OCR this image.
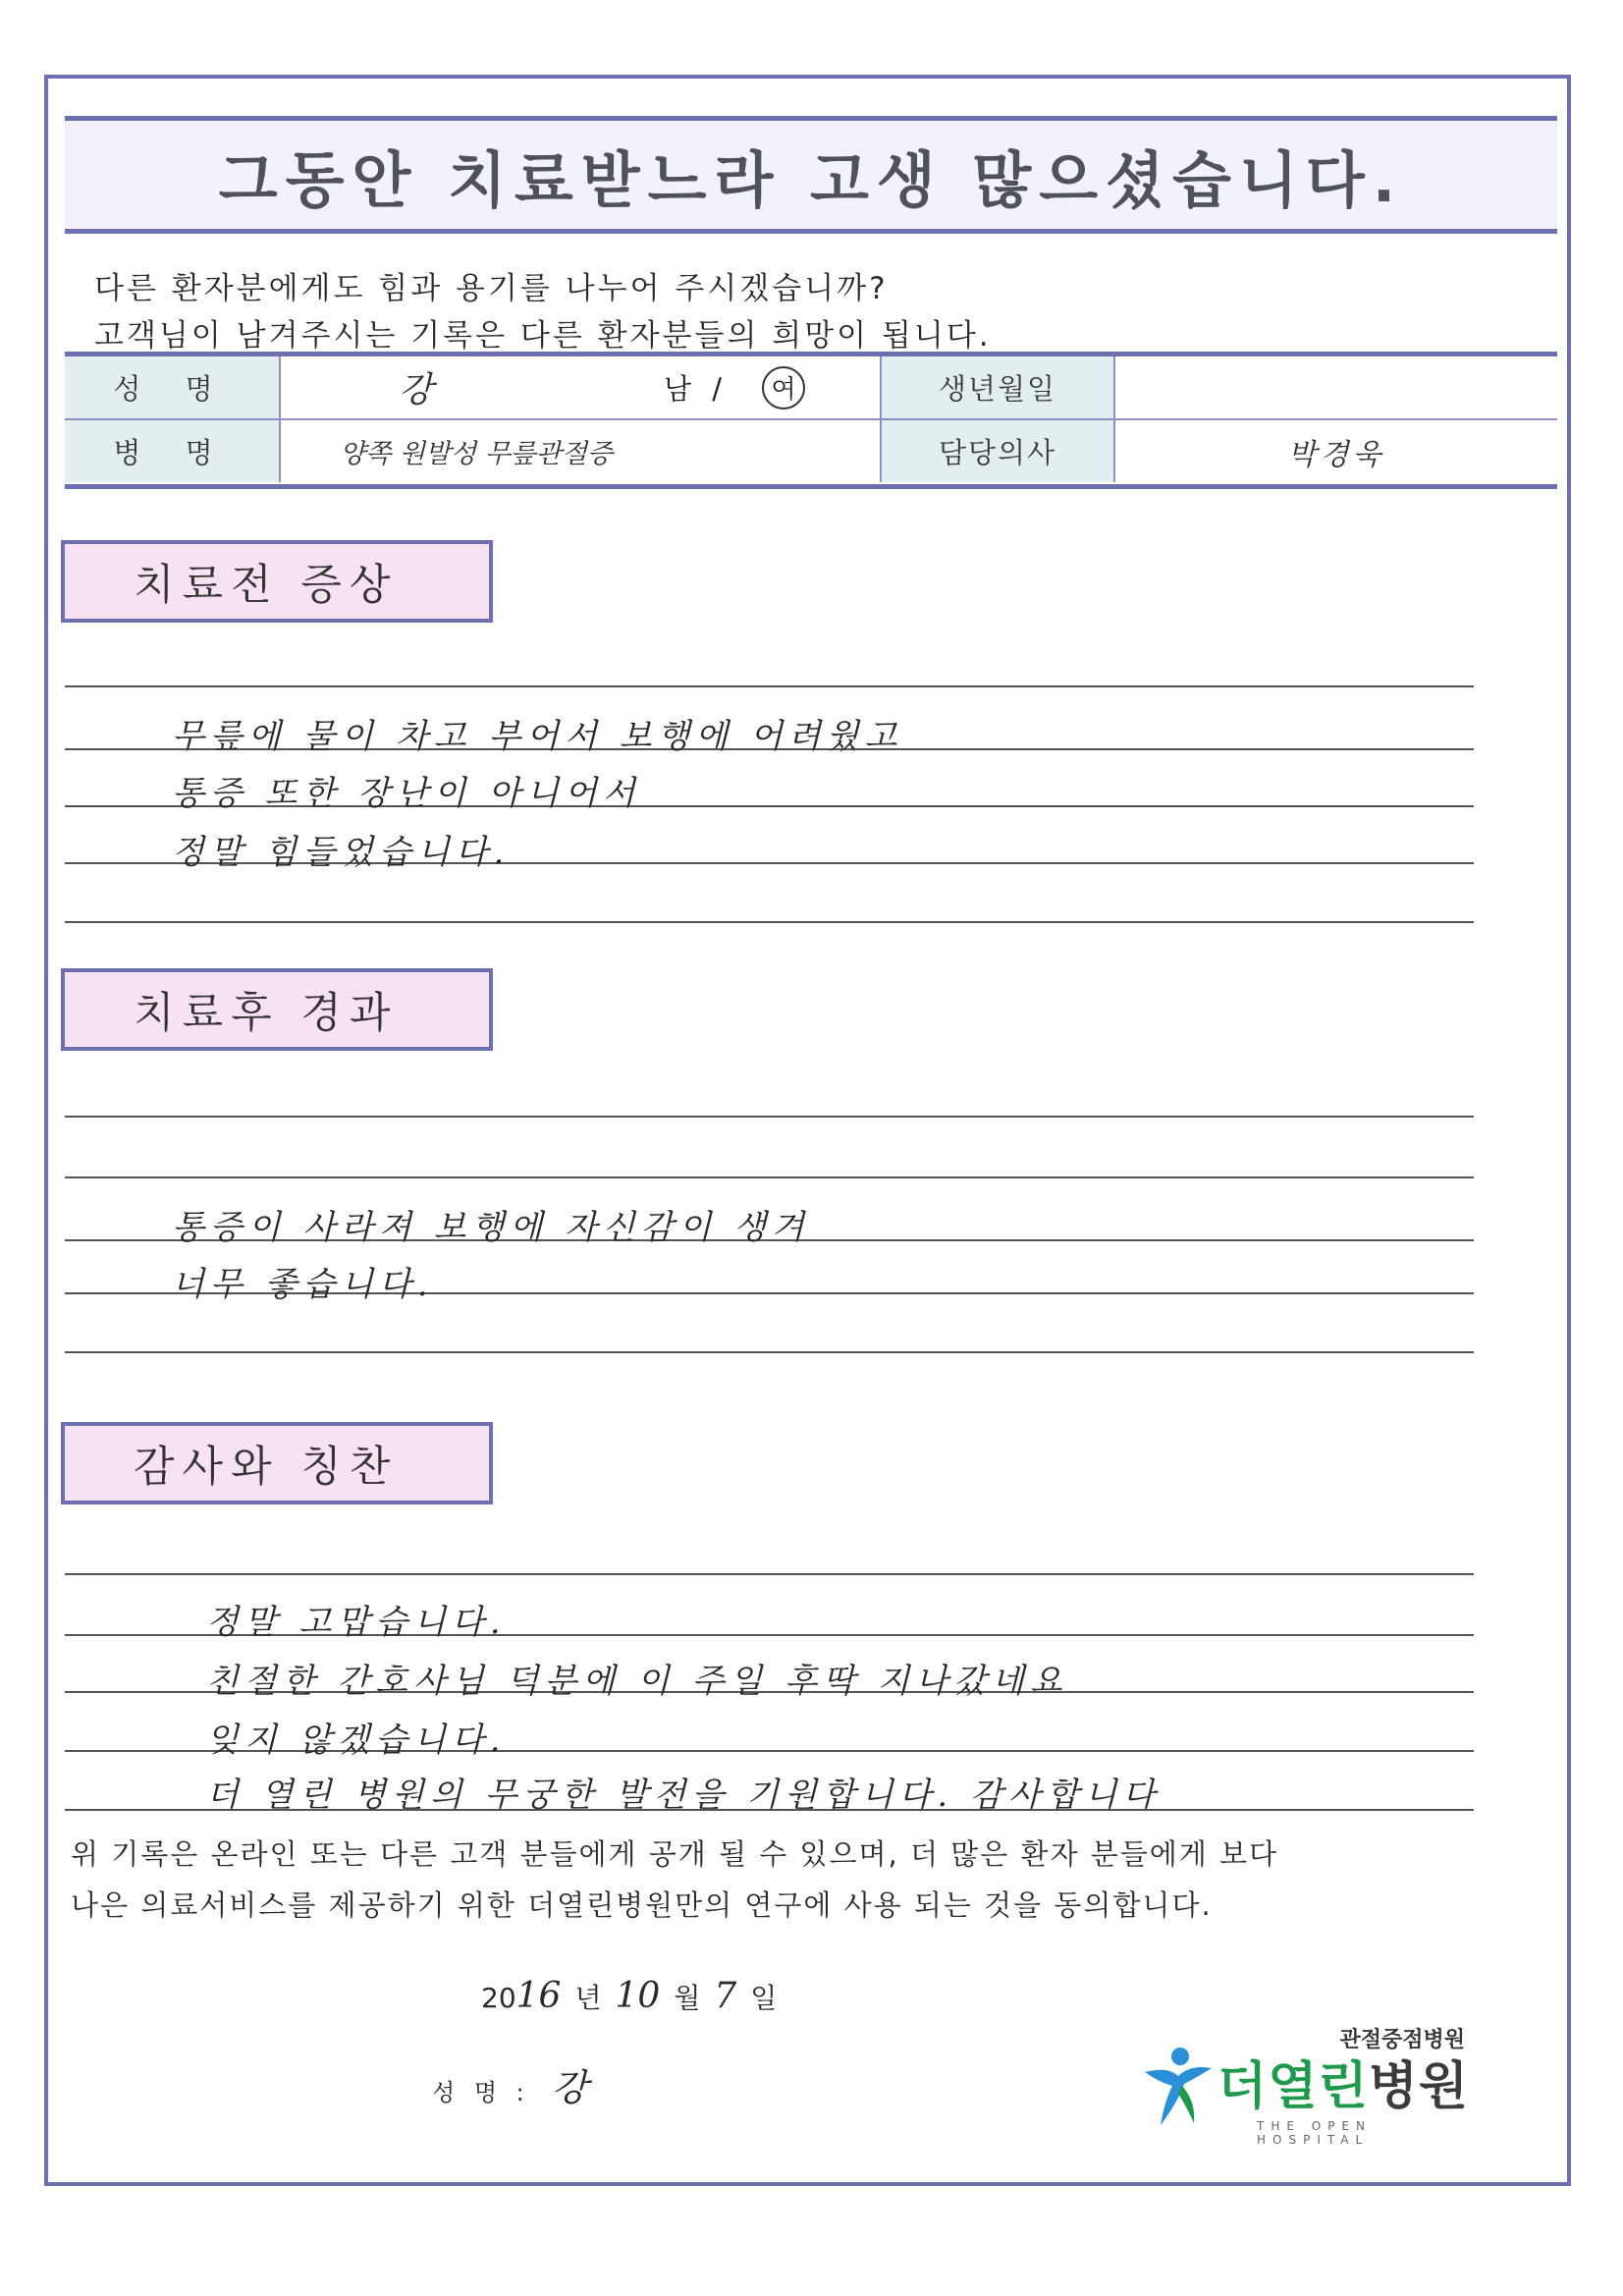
그동안 치료받느라 고생 많으셨습니다.
다른 환자분에게도 힘과 용기를 나누어 주시겠습니까?
고객님이 남겨주시는 기록은 다른 환자분들의 희망이 됩니다.
성 명	강	남 /	여	생년월일
병 명	양쪽 원발성 무릎관절증	담당의사	박경욱
치료전 증상
무릎에 물이 차고 부어서 보행에 어려웠고
통증 또한 장난이 아니어서
정말 힘들었습니다.
치료후 경과
통증이 사라져 보행에 자신감이 생겨
너무 좋습니다.
감사와 칭찬
정말 고맙습니다.
친절한 간호사님 덕분에 이 주일 후딱 지나갔네요
잊지 않겠습니다.
더 열린 병원의 무궁한 발전을 기원합니다. 감사합니다
위 기록은 온라인 또는 다른 고객 분들에게 공개 될 수 있으며, 더 많은 환자 분들에게 보다
나은 의료서비스를 제공하기 위한 더열린병원만의 연구에 사용 되는 것을 동의합니다.
2016 년 10 월 7 일
성 명 : 강
관절중점병원
더열린병원
THE OPEN HOSPITAL
